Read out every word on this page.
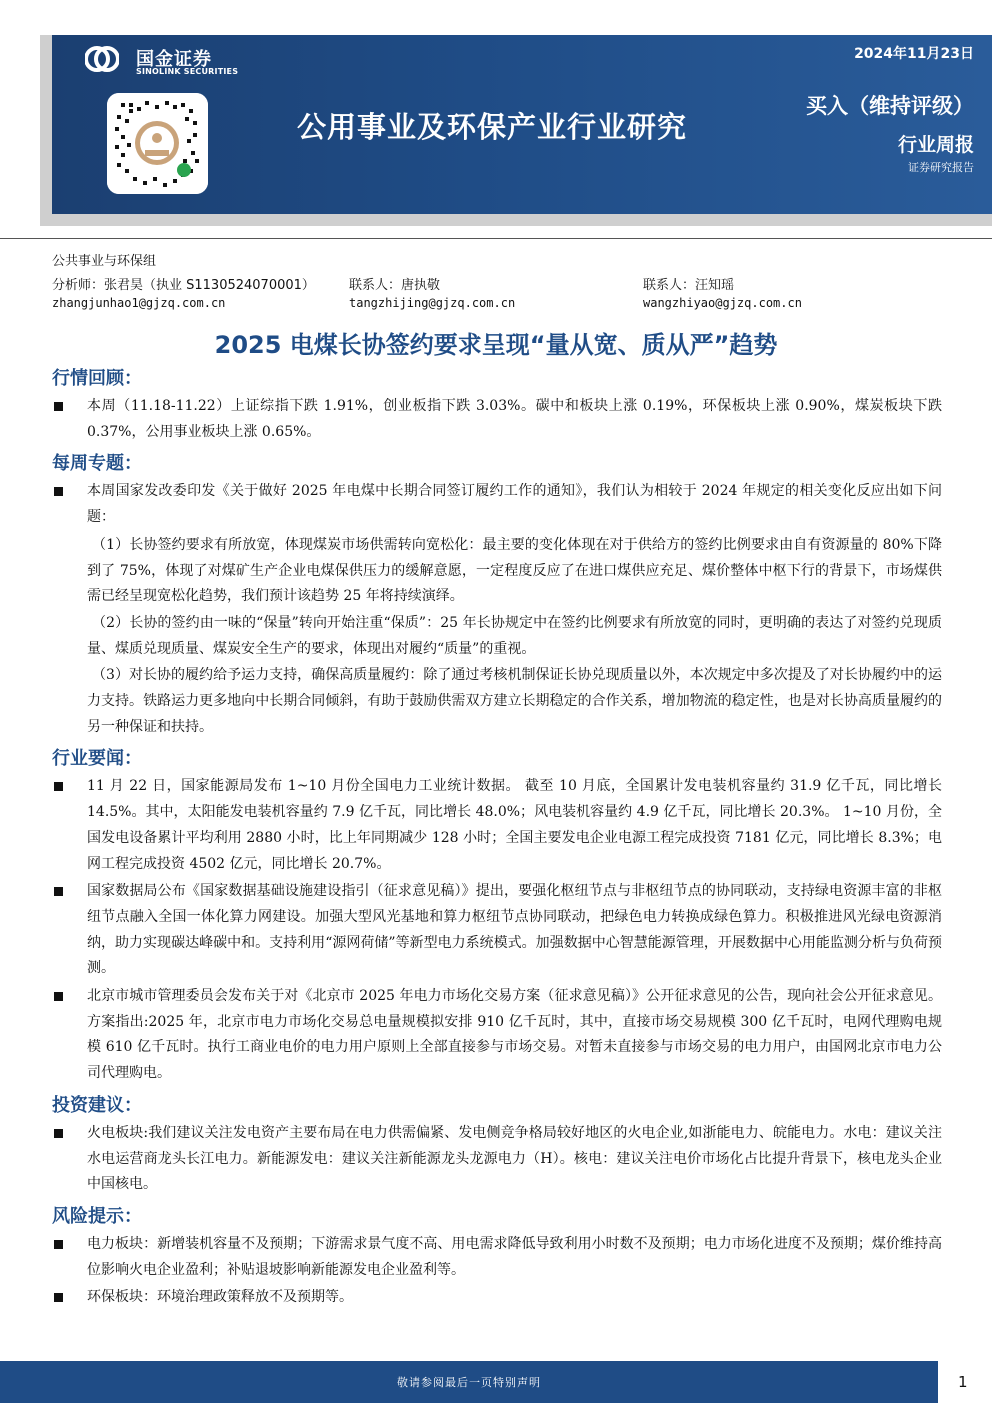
国金证券
SINOLINK SECURITIES
公用事业及环保产业行业研究
2024年11月23日
买入（维持评级）
行业周报
证券研究报告
公共事业与环保组
分析师：张君昊（执业 S1130524070001）	联系人：唐执敬	联系人：汪知瑶
zhangjunhao1@gjzq.com.cn	tangzhijing@gjzq.com.cn	wangzhiyao@gjzq.com.cn
2025 电煤长协签约要求呈现“量从宽、质从严”趋势
行情回顾：
本周（11.18-11.22）上证综指下跌 1.91%，创业板指下跌 3.03%。碳中和板块上涨 0.19%，环保板块上涨 0.90%，煤炭板块下跌 0.37%，公用事业板块上涨 0.65%。
每周专题：
本周国家发改委印发《关于做好 2025 年电煤中长期合同签订履约工作的通知》，我们认为相较于 2024 年规定的相关变化反应出如下问题：

（1）长协签约要求有所放宽，体现煤炭市场供需转向宽松化：最主要的变化体现在对于供给方的签约比例要求由自有资源量的 80%下降到了 75%，体现了对煤矿生产企业电煤保供压力的缓解意愿，一定程度反应了在进口煤供应充足、煤价整体中枢下行的背景下，市场煤供需已经呈现宽松化趋势，我们预计该趋势 25 年将持续演绎。

（2）长协的签约由一味的“保量”转向开始注重“保质”：25 年长协规定中在签约比例要求有所放宽的同时，更明确的表达了对签约兑现质量、煤质兑现质量、煤炭安全生产的要求，体现出对履约“质量”的重视。

（3）对长协的履约给予运力支持，确保高质量履约：除了通过考核机制保证长协兑现质量以外，本次规定中多次提及了对长协履约中的运力支持。铁路运力更多地向中长期合同倾斜，有助于鼓励供需双方建立长期稳定的合作关系，增加物流的稳定性，也是对长协高质量履约的另一种保证和扶持。

行业要闻：
11 月 22 日，国家能源局发布 1~10 月份全国电力工业统计数据。 截至 10 月底，全国累计发电装机容量约 31.9 亿千瓦，同比增长 14.5%。其中，太阳能发电装机容量约 7.9 亿千瓦，同比增长 48.0%；风电装机容量约 4.9 亿千瓦，同比增长 20.3%。 1~10 月份，全国发电设备累计平均利用 2880 小时，比上年同期减少 128 小时；全国主要发电企业电源工程完成投资 7181 亿元，同比增长 8.3%；电网工程完成投资 4502 亿元，同比增长 20.7%。
国家数据局公布《国家数据基础设施建设指引（征求意见稿）》提出，要强化枢纽节点与非枢纽节点的协同联动，支持绿电资源丰富的非枢纽节点融入全国一体化算力网建设。加强大型风光基地和算力枢纽节点协同联动，把绿色电力转换成绿色算力。积极推进风光绿电资源消纳，助力实现碳达峰碳中和。支持利用“源网荷储”等新型电力系统模式。加强数据中心智慧能源管理，开展数据中心用能监测分析与负荷预测。
北京市城市管理委员会发布关于对《北京市 2025 年电力市场化交易方案（征求意见稿）》公开征求意见的公告，现向社会公开征求意见。方案指出:2025 年，北京市电力市场化交易总电量规模拟安排 910 亿千瓦时，其中，直接市场交易规模 300 亿千瓦时，电网代理购电规模 610 亿千瓦时。执行工商业电价的电力用户原则上全部直接参与市场交易。对暂未直接参与市场交易的电力用户，由国网北京市电力公司代理购电。
投资建议：
火电板块:我们建议关注发电资产主要布局在电力供需偏紧、发电侧竞争格局较好地区的火电企业,如浙能电力、皖能电力。水电：建议关注水电运营商龙头长江电力。新能源发电：建议关注新能源龙头龙源电力（H）。核电：建议关注电价市场化占比提升背景下，核电龙头企业中国核电。
风险提示：
电力板块：新增装机容量不及预期；下游需求景气度不高、用电需求降低导致利用小时数不及预期；电力市场化进度不及预期；煤价维持高位影响火电企业盈利；补贴退坡影响新能源发电企业盈利等。
环保板块：环境治理政策释放不及预期等。
敬请参阅最后一页特别声明	1
